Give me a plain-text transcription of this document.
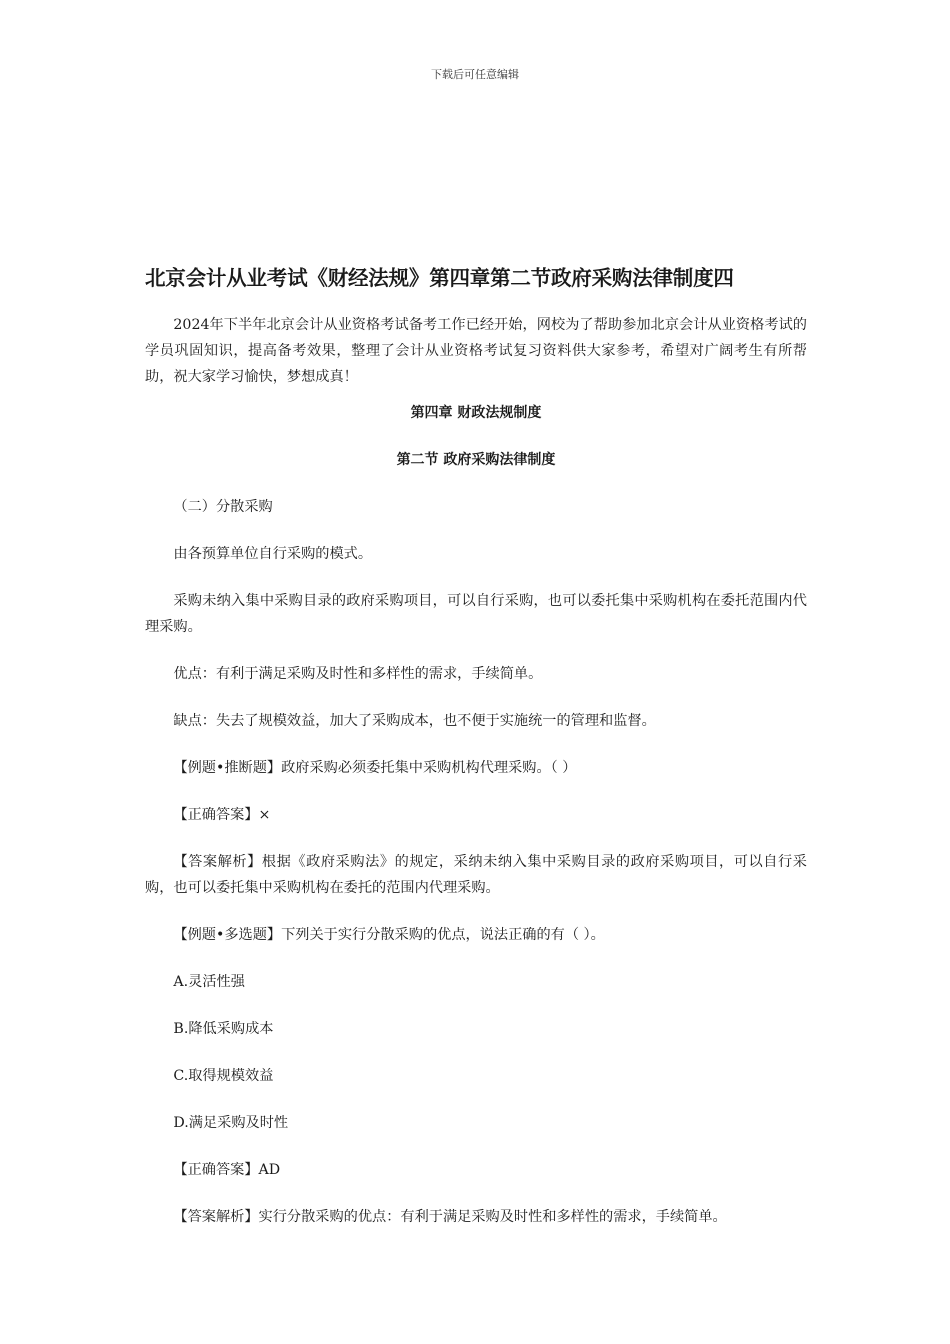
下载后可任意编辑
北京会计从业考试《财经法规》第四章第二节政府采购法律制度四

2024年下半年北京会计从业资格考试备考工作已经开始，网校为了帮助参加北京会计从业资格考试的学员巩固知识，提高备考效果，整理了会计从业资格考试复习资料供大家参考，希望对广阔考生有所帮助，祝大家学习愉快，梦想成真！

第四章 财政法规制度
第二节 政府采购法律制度

（二）分散采购

由各预算单位自行采购的模式。

采购未纳入集中采购目录的政府采购项目，可以自行采购，也可以委托集中采购机构在委托范围内代理采购。

优点：有利于满足采购及时性和多样性的需求，手续简单。

缺点：失去了规模效益，加大了采购成本，也不便于实施统一的管理和监督。

【例题•推断题】政府采购必须委托集中采购机构代理采购。（ ）

【正确答案】×

【答案解析】根据《政府采购法》的规定，采纳未纳入集中采购目录的政府采购项目，可以自行采购，也可以委托集中采购机构在委托的范围内代理采购。

【例题•多选题】下列关于实行分散采购的优点，说法正确的有（ ）。

A.灵活性强

B.降低采购成本

C.取得规模效益

D.满足采购及时性

【正确答案】AD

【答案解析】实行分散采购的优点：有利于满足采购及时性和多样性的需求，手续简单。
